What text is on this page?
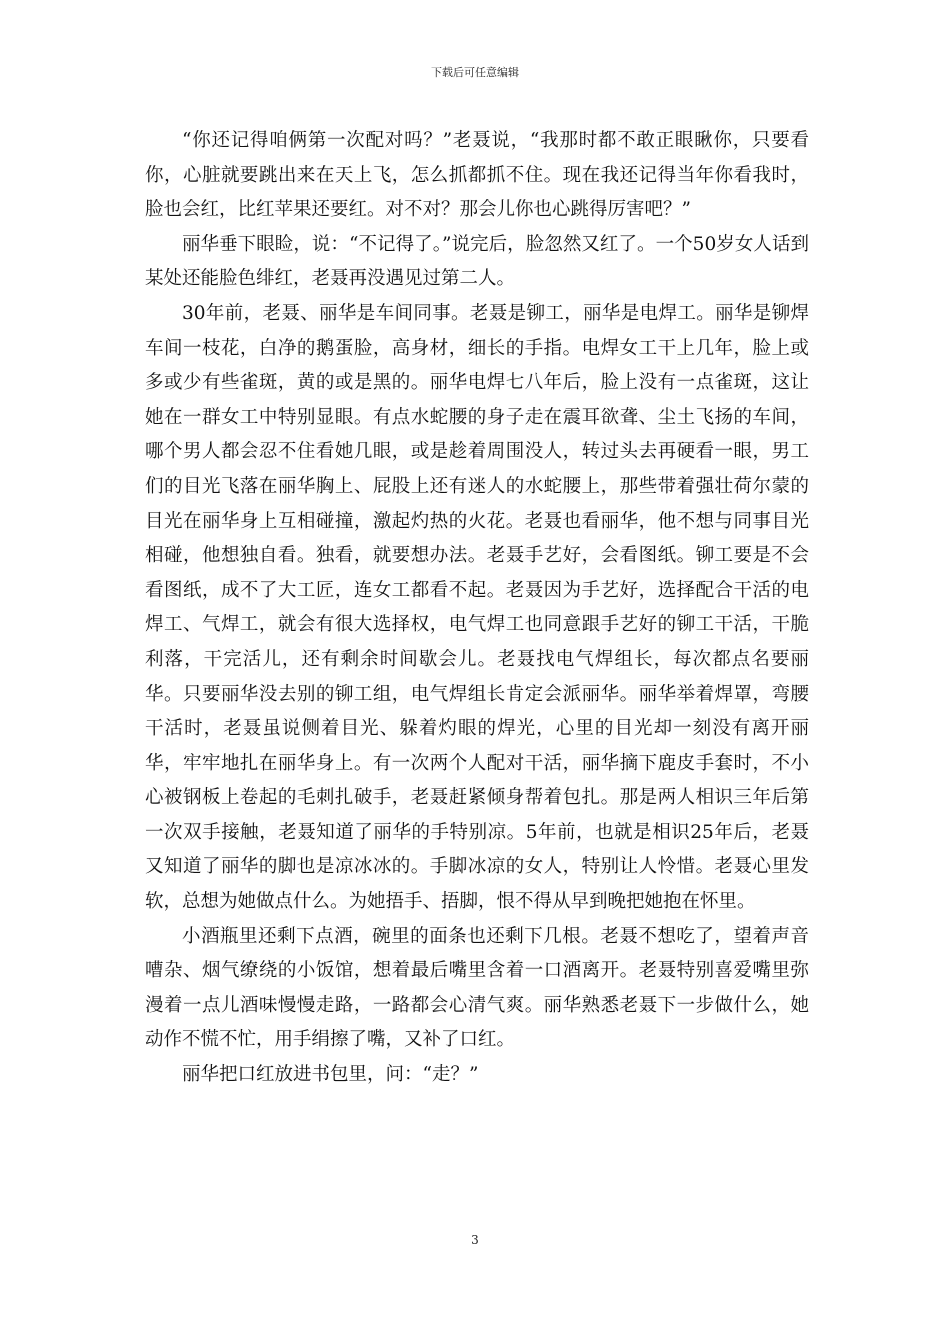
下载后可任意编辑

“你还记得咱俩第一次配对吗？”老聂说，“我那时都不敢正眼瞅你，只要看你，心脏就要跳出来在天上飞，怎么抓都抓不住。现在我还记得当年你看我时，脸也会红，比红苹果还要红。对不对？那会儿你也心跳得厉害吧？”

丽华垂下眼睑，说：“不记得了。”说完后，脸忽然又红了。一个50岁女人话到某处还能脸色绯红，老聂再没遇见过第二人。

30年前，老聂、丽华是车间同事。老聂是铆工，丽华是电焊工。丽华是铆焊车间一枝花，白净的鹅蛋脸，高身材，细长的手指。电焊女工干上几年，脸上或多或少有些雀斑，黄的或是黑的。丽华电焊七八年后，脸上没有一点雀斑，这让她在一群女工中特别显眼。有点水蛇腰的身子走在震耳欲聋、尘土飞扬的车间，哪个男人都会忍不住看她几眼，或是趁着周围没人，转过头去再硬看一眼，男工们的目光飞落在丽华胸上、屁股上还有迷人的水蛇腰上，那些带着强壮荷尔蒙的目光在丽华身上互相碰撞，激起灼热的火花。老聂也看丽华，他不想与同事目光相碰，他想独自看。独看，就要想办法。老聂手艺好，会看图纸。铆工要是不会看图纸，成不了大工匠，连女工都看不起。老聂因为手艺好，选择配合干活的电焊工、气焊工，就会有很大选择权，电气焊工也同意跟手艺好的铆工干活，干脆利落，干完活儿，还有剩余时间歇会儿。老聂找电气焊组长，每次都点名要丽华。只要丽华没去别的铆工组，电气焊组长肯定会派丽华。丽华举着焊罩，弯腰干活时，老聂虽说侧着目光、躲着灼眼的焊光，心里的目光却一刻没有离开丽华，牢牢地扎在丽华身上。有一次两个人配对干活，丽华摘下鹿皮手套时，不小心被钢板上卷起的毛刺扎破手，老聂赶紧倾身帮着包扎。那是两人相识三年后第一次双手接触，老聂知道了丽华的手特别凉。5年前，也就是相识25年后，老聂又知道了丽华的脚也是凉冰冰的。手脚冰凉的女人，特别让人怜惜。老聂心里发软，总想为她做点什么。为她捂手、捂脚，恨不得从早到晚把她抱在怀里。

小酒瓶里还剩下点酒，碗里的面条也还剩下几根。老聂不想吃了，望着声音嘈杂、烟气缭绕的小饭馆，想着最后嘴里含着一口酒离开。老聂特别喜爱嘴里弥漫着一点儿酒味慢慢走路，一路都会心清气爽。丽华熟悉老聂下一步做什么，她动作不慌不忙，用手绢擦了嘴，又补了口红。

丽华把口红放进书包里，问：“走？”

3
